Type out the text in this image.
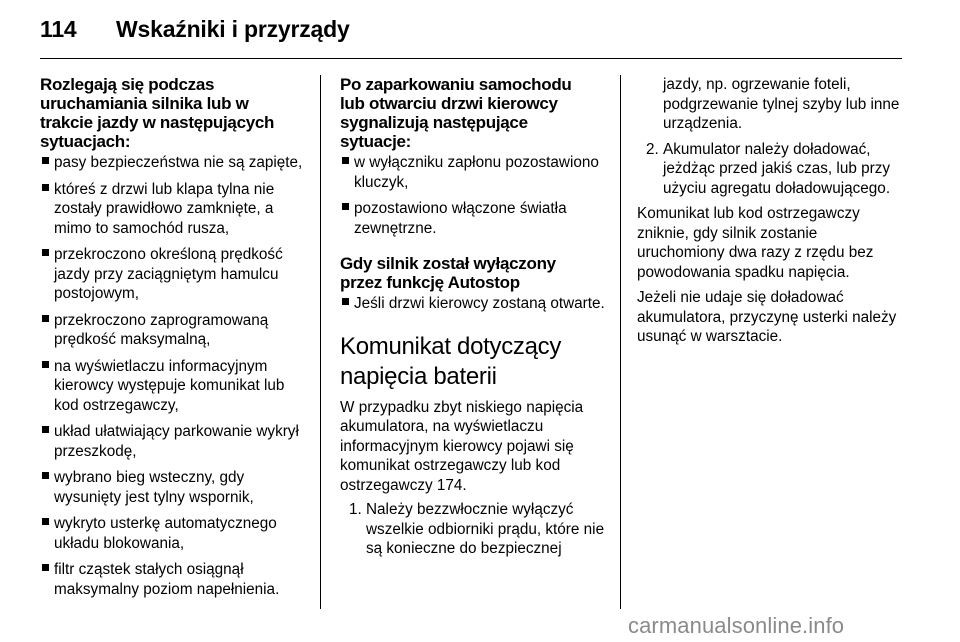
114	Wskaźniki i przyrządy
Rozlegają się podczas
uruchamiania silnika lub w
trakcie jazdy w następujących
sytuacjach:
pasy bezpieczeństwa nie są zapięte,
któreś z drzwi lub klapa tylna nie zostały prawidłowo zamknięte, a mimo to samochód rusza,
przekroczono określoną prędkość jazdy przy zaciągniętym hamulcu postojowym,
przekroczono zaprogramowaną prędkość maksymalną,
na wyświetlaczu informacyjnym kierowcy występuje komunikat lub kod ostrzegawczy,
układ ułatwiający parkowanie wykrył przeszkodę,
wybrano bieg wsteczny, gdy wysunięty jest tylny wspornik,
wykryto usterkę automatycznego układu blokowania,
filtr cząstek stałych osiągnął maksymalny poziom napełnienia.
Po zaparkowaniu samochodu
lub otwarciu drzwi kierowcy
sygnalizują następujące
sytuacje:
w wyłączniku zapłonu pozostawiono kluczyk,
pozostawiono włączone światła zewnętrzne.
Gdy silnik został wyłączony
przez funkcję Autostop
Jeśli drzwi kierowcy zostaną otwarte.
Komunikat dotyczący
napięcia baterii

W przypadku zbyt niskiego napięcia akumulatora, na wyświetlaczu informacyjnym kierowcy pojawi się komunikat ostrzegawczy lub kod ostrzegawczy 174.

1. Należy bezzwłocznie wyłączyć wszelkie odbiorniki prądu, które nie są konieczne do bezpiecznej
jazdy, np. ogrzewanie foteli, podgrzewanie tylnej szyby lub inne urządzenia.
2. Akumulator należy doładować, jeżdżąc przed jakiś czas, lub przy użyciu agregatu doładowującego.

Komunikat lub kod ostrzegawczy zniknie, gdy silnik zostanie uruchomiony dwa razy z rzędu bez powodowania spadku napięcia.

Jeżeli nie udaje się doładować akumulatora, przyczynę usterki należy usunąć w warsztacie.

carmanualsonline.info
